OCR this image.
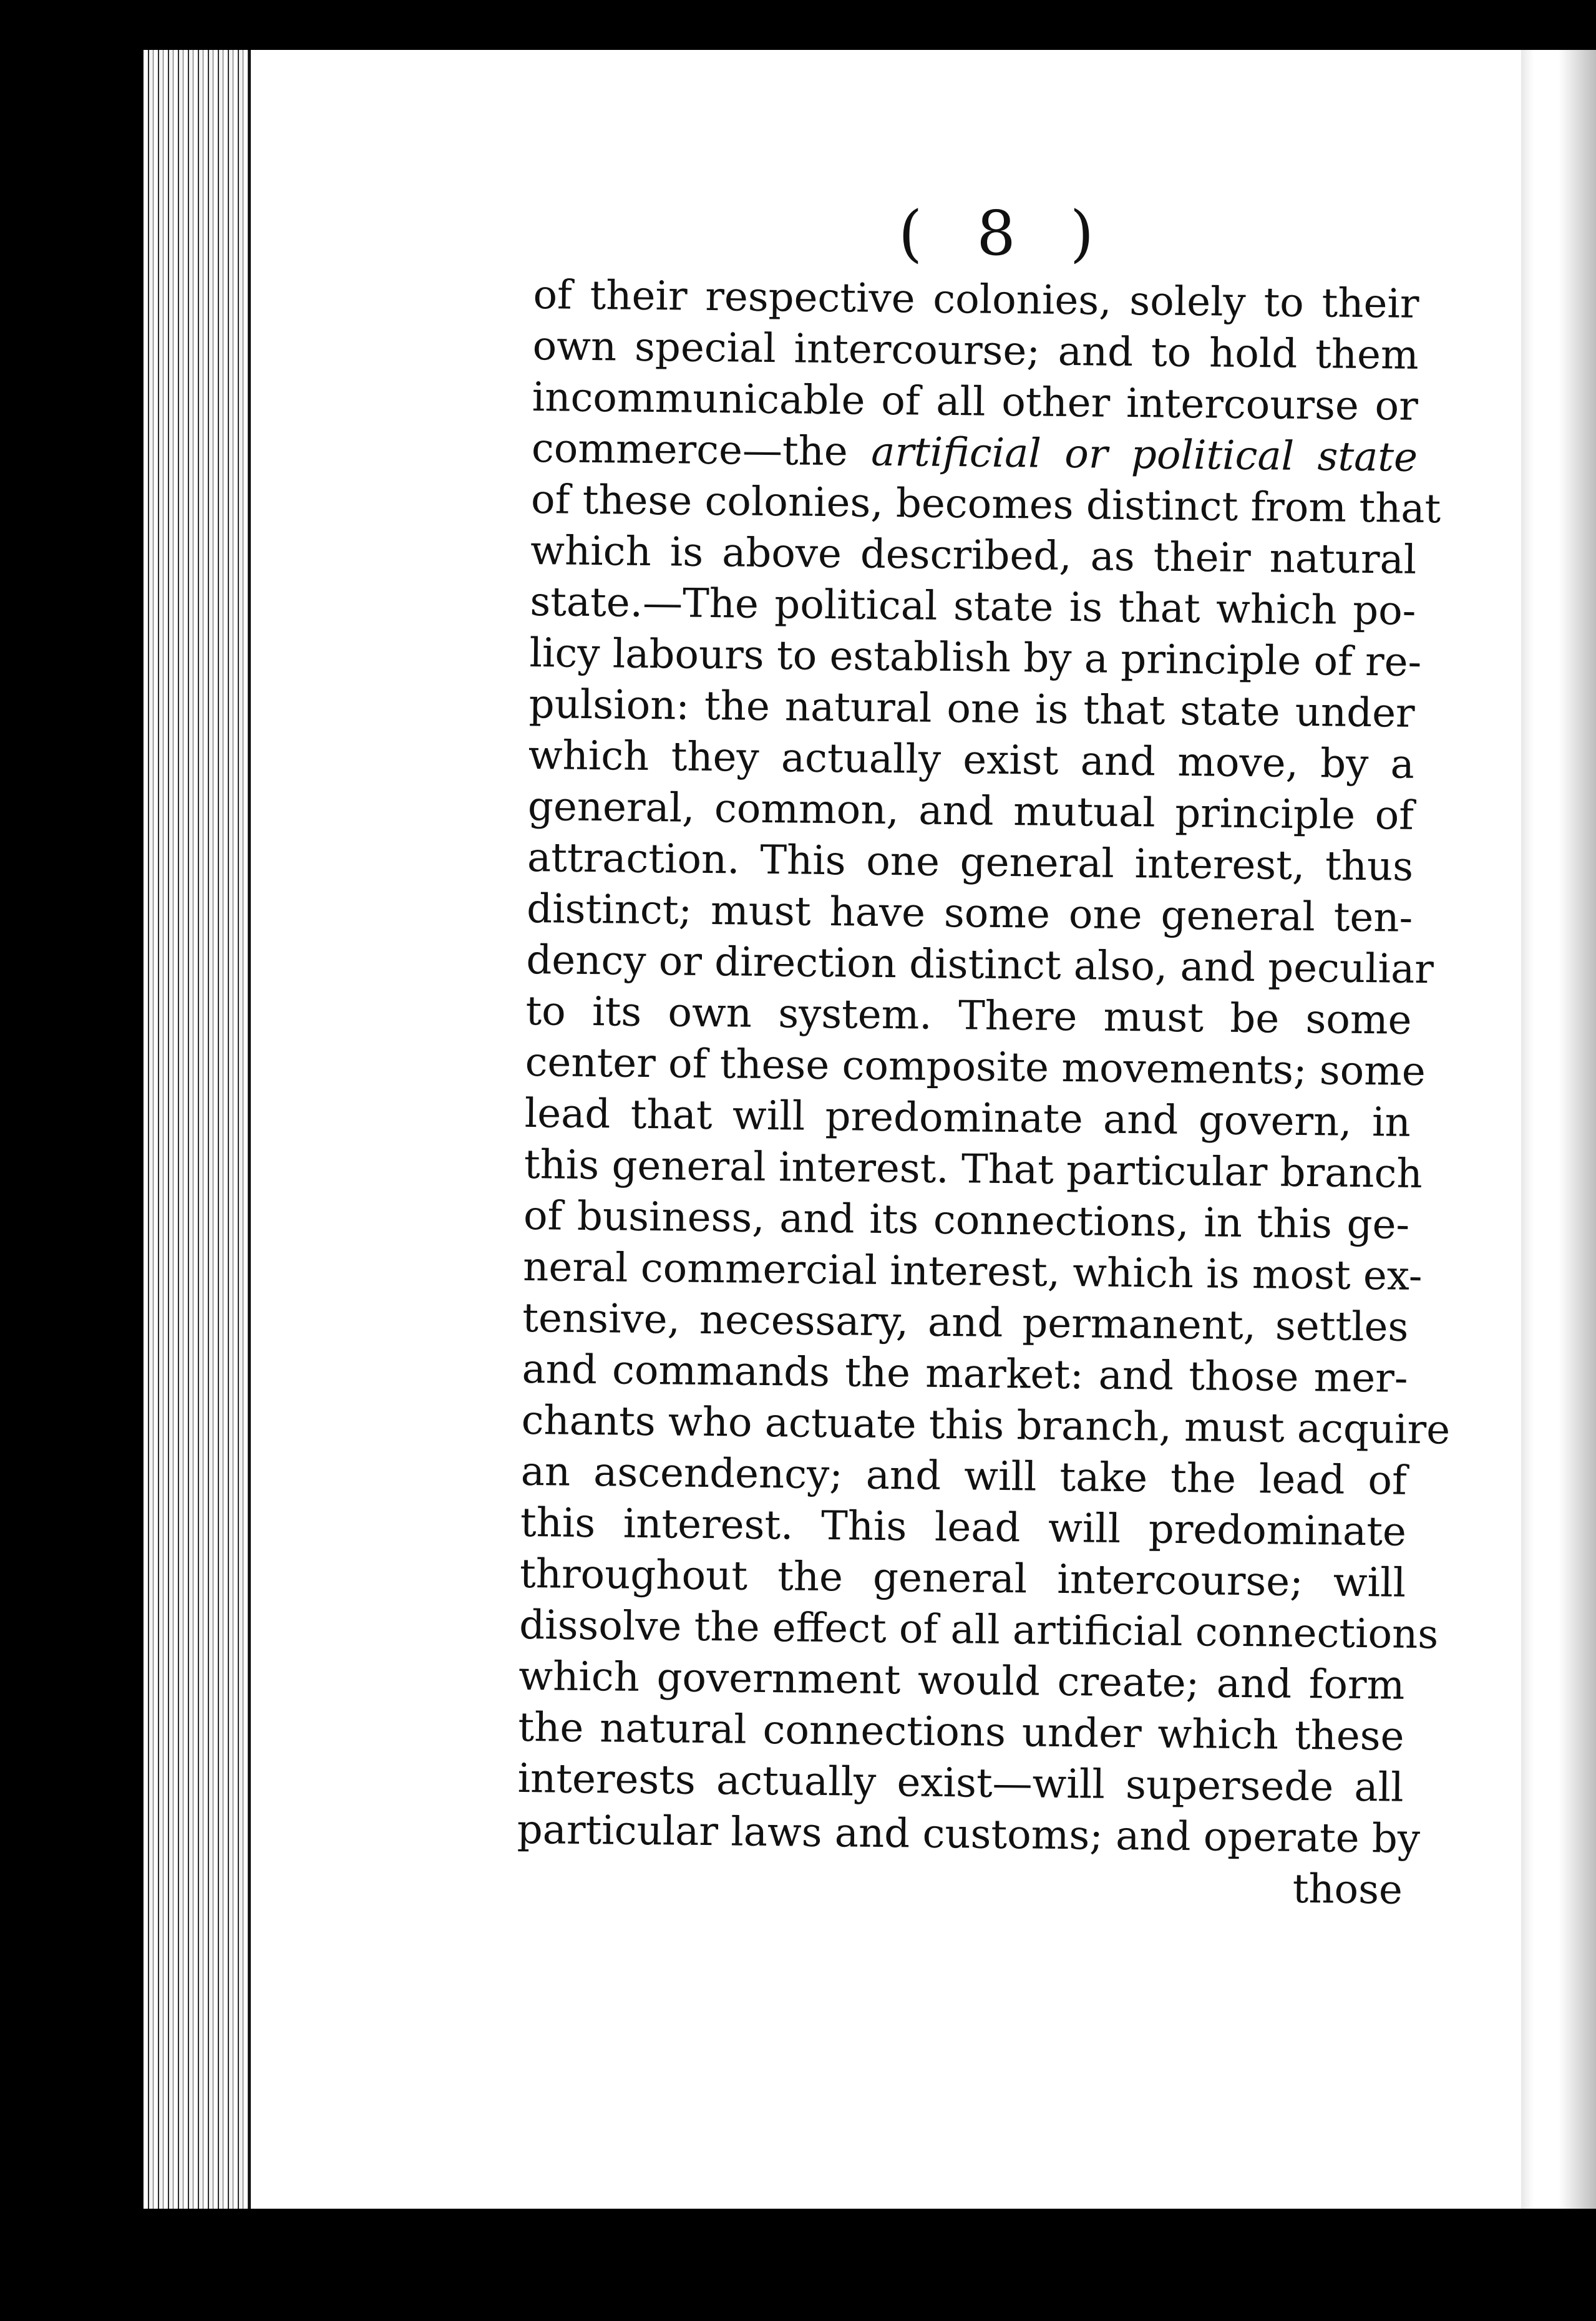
( 8 )
of their respective colonies, solely to their
own special intercourse; and to hold them
incommunicable of all other intercourse or
commerce—the artificial or political state
of these colonies, becomes distinct from that
which is above described, as their natural
state.—The political state is that which po-
licy labours to establish by a principle of re-
pulsion: the natural one is that state under
which they actually exist and move, by a
general, common, and mutual principle of
attraction. This one general interest, thus
distinct; must have some one general ten-
dency or direction distinct also, and peculiar
to its own system. There must be some
center of these composite movements; some
lead that will predominate and govern, in
this general interest. That particular branch
of business, and its connections, in this ge-
neral commercial interest, which is most ex-
tensive, necessary, and permanent, settles
and commands the market: and those mer-
chants who actuate this branch, must acquire
an ascendency; and will take the lead of
this interest. This lead will predominate
throughout the general intercourse; will
dissolve the effect of all artificial connections
which government would create; and form
the natural connections under which these
interests actually exist—will supersede all
particular laws and customs; and operate by
those
